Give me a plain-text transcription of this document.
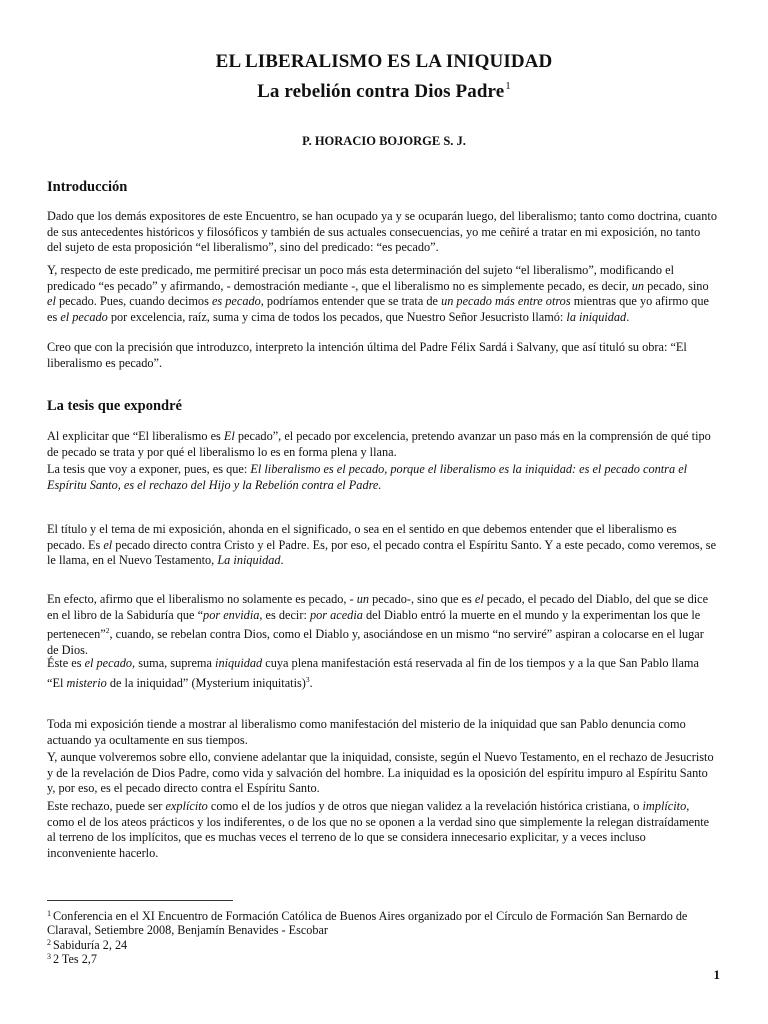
EL LIBERALISMO ES LA INIQUIDAD
La rebelión contra Dios Padre$^1$
P. HORACIO BOJORGE S. J.
Introducción

Dado que los demás expositores de este Encuentro, se han ocupado ya y se ocuparán luego, del liberalismo; tanto como doctrina, cuanto de sus antecedentes históricos y filosóficos y también de sus actuales consecuencias, yo me ceñiré a tratar en mi exposición, no tanto del sujeto de esta proposición “el liberalismo”, sino del predicado: “es pecado”.

Y, respecto de este predicado, me permitiré precisar un poco más esta determinación del sujeto “el liberalismo”, modificando el predicado “es pecado” y afirmando, - demostración mediante -, que el liberalismo no es simplemente pecado, es decir, un pecado, sino el pecado. Pues, cuando decimos es pecado, podríamos entender que se trata de un pecado más entre otros mientras que yo afirmo que es el pecado por excelencia, raíz, suma y cima de todos los pecados, que Nuestro Señor Jesucristo llamó: la iniquidad.

Creo que con la precisión que introduzco, interpreto la intención última del Padre Félix Sardá i Salvany, que así tituló su obra: “El liberalismo es pecado”.

La tesis que expondré

Al explicitar que “El liberalismo es El pecado”, el pecado por excelencia, pretendo avanzar un paso más en la comprensión de qué tipo de pecado se trata y por qué el liberalismo lo es en forma plena y llana.

La tesis que voy a exponer, pues, es que: El liberalismo es el pecado, porque el liberalismo es la iniquidad: es el pecado contra el Espíritu Santo, es el rechazo del Hijo y la Rebelión contra el Padre.

El título y el tema de mi exposición, ahonda en el significado, o sea en el sentido en que debemos entender que el liberalismo es pecado. Es el pecado directo contra Cristo y el Padre. Es, por eso, el pecado contra el Espíritu Santo. Y a este pecado, como veremos, se le llama, en el Nuevo Testamento, La iniquidad.

En efecto, afirmo que el liberalismo no solamente es pecado, - un pecado-, sino que es el pecado, el pecado del Diablo, del que se dice en el libro de la Sabiduría que “por envidia, es decir: por acedia del Diablo entró la muerte en el mundo y la experimentan los que le pertenecen”$^2$, cuando, se rebelan contra Dios, como el Diablo y, asociándose en un mismo “no serviré” aspiran a colocarse en el lugar de Dios.

Éste es el pecado, suma, suprema iniquidad cuya plena manifestación está reservada al fin de los tiempos y a la que San Pablo llama “El misterio de la iniquidad” (Mysterium iniquitatis)$^3$.

Toda mi exposición tiende a mostrar al liberalismo como manifestación del misterio de la iniquidad que san Pablo denuncia como actuando ya ocultamente en sus tiempos.

Y, aunque volveremos sobre ello, conviene adelantar que la iniquidad, consiste, según el Nuevo Testamento, en el rechazo de Jesucristo y de la revelación de Dios Padre, como vida y salvación del hombre. La iniquidad es la oposición del espíritu impuro al Espíritu Santo y, por eso, es el pecado directo contra el Espíritu Santo.

Este rechazo, puede ser explícito como el de los judíos y de otros que niegan validez a la revelación histórica cristiana, o implícito, como el de los ateos prácticos y los indiferentes, o de los que no se oponen a la verdad sino que simplemente la relegan distraídamente al terreno de los implícitos, que es muchas veces el terreno de lo que se considera innecesario explicitar, y a veces incluso inconveniente hacerlo.

$^1$ Conferencia en el XI Encuentro de Formación Católica de Buenos Aires organizado por el Círculo de Formación San Bernardo de Claraval, Setiembre 2008, Benjamín Benavides - Escobar
$^2$ Sabiduría 2, 24
$^3$ 2 Tes 2,7
1
